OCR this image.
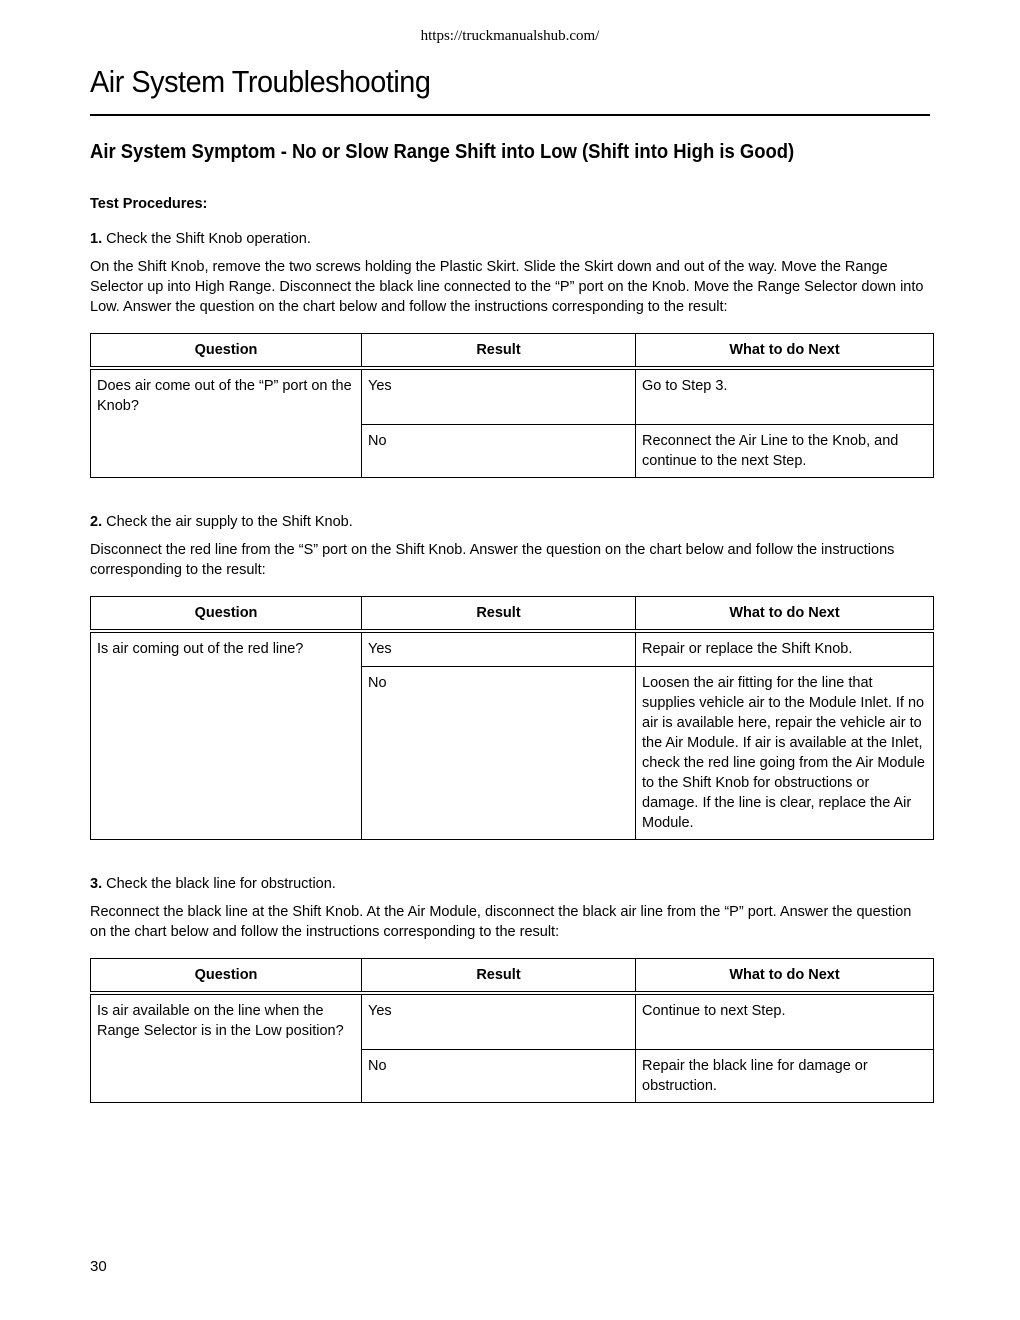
https://truckmanualshub.com/
Air System Troubleshooting
Air System Symptom - No or Slow Range Shift into Low (Shift into High is Good)

Test Procedures:

1. Check the Shift Knob operation.

On the Shift Knob, remove the two screws holding the Plastic Skirt. Slide the Skirt down and out of the way. Move the Range Selector up into High Range. Disconnect the black line connected to the “P” port on the Knob. Move the Range Selector down into Low. Answer the question on the chart below and follow the instructions corresponding to the result:

Question	Result	What to do Next
Does air come out of the “P” port on the Knob?	Yes	Go to Step 3.
	No	Reconnect the Air Line to the Knob, and continue to the next Step.

2. Check the air supply to the Shift Knob.

Disconnect the red line from the “S” port on the Shift Knob. Answer the question on the chart below and follow the instructions corresponding to the result:

Question	Result	What to do Next
Is air coming out of the red line?	Yes	Repair or replace the Shift Knob.
	No	Loosen the air fitting for the line that supplies vehicle air to the Module Inlet. If no air is available here, repair the vehicle air to the Air Module. If air is available at the Inlet, check the red line going from the Air Module to the Shift Knob for obstructions or damage. If the line is clear, replace the Air Module.

3. Check the black line for obstruction.

Reconnect the black line at the Shift Knob. At the Air Module, disconnect the black air line from the “P” port. Answer the question on the chart below and follow the instructions corresponding to the result:

Question	Result	What to do Next
Is air available on the line when the Range Selector is in the Low position?	Yes	Continue to next Step.
	No	Repair the black line for damage or obstruction.
30
